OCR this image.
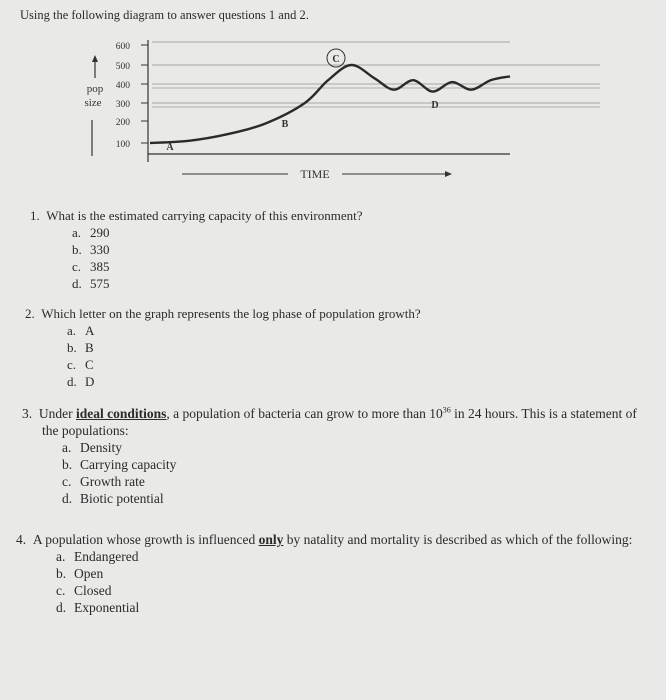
Using the following diagram to answer questions 1 and 2.
pop
size
100
200
300
400
500
600
A
B
C
D
TIME
1. What is the estimated carrying capacity of this environment?
a. 290
b. 330
c. 385
d. 575
2. Which letter on the graph represents the log phase of population growth?
a. A
b. B
c. C
d. D
3. Under ideal conditions, a population of bacteria can grow to more than $10^{36}$ in 24 hours. This is a statement of the populations:
a. Density
b. Carrying capacity
c. Growth rate
d. Biotic potential
4. A population whose growth is influenced only by natality and mortality is described as which of the following:
a. Endangered
b. Open
c. Closed
d. Exponential
